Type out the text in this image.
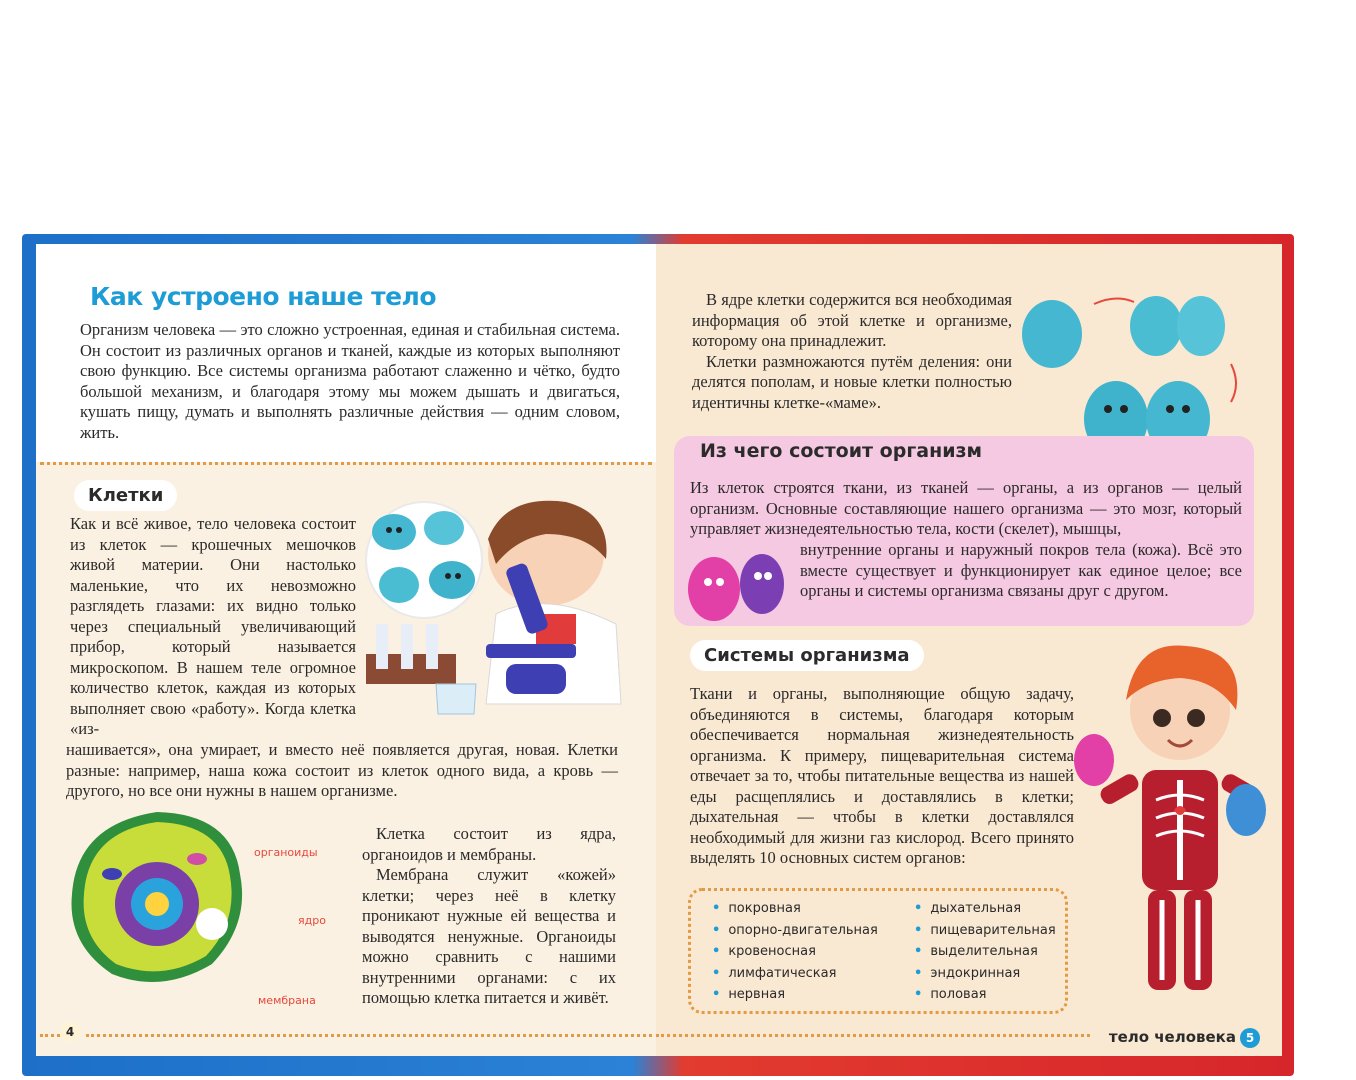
Как устроено наше тело
Организм человека — это сложно устроенная, единая и стабильная система. Он состоит из различных органов и тканей, каждые из которых выполняют свою функцию. Все системы организма работают слаженно и чётко, будто большой механизм, и благодаря этому мы можем дышать и двигаться, кушать пищу, думать и выполнять различные действия — одним словом, жить.
Клетки
Как и всё живое, тело человека состоит из клеток — крошечных мешочков живой материи. Они настолько маленькие, что их невозможно разглядеть глазами: их видно только через специальный увеличивающий прибор, который называется микроскопом. В нашем теле огромное количество клеток, каждая из которых выполняет свою «работу». Когда клетка «из-
нашивается», она умирает, и вместо неё появляется другая, новая. Клетки разные: например, наша кожа состоит из клеток одного вида, а кровь — другого, но все они нужны в нашем организме.
органоиды
ядро
мембрана

Клетка состоит из ядра, органоидов и мембраны.

Мембрана служит «кожей» клетки; через неё в клетку проникают нужные ей вещества и выводятся ненужные. Органоиды можно сравнить с нашими внутренними органами: с их помощью клетка питается и живёт.

4

В ядре клетки содержится вся необходимая информация об этой клетке и организме, которому она принадлежит.

Клетки размножаются путём деления: они делятся пополам, и новые клетки полностью идентичны клетке-«маме».

Из чего состоит организм
Из клеток строятся ткани, из тканей — органы, а из органов — целый организм. Основные составляющие нашего организма — это мозг, который управляет жизнедеятельностью тела, кости (скелет), мышцы,
внутренние органы и наружный покров тела (кожа). Всё это вместе существует и функционирует как единое целое; все органы и системы организма связаны друг с другом.
Системы организма
Ткани и органы, выполняющие общую задачу, объединяются в системы, благодаря которым обеспечивается нормальная жизнедеятельность организма. К примеру, пищеварительная система отвечает за то, чтобы питательные вещества из нашей еды расщеплялись и доставлялись в клетки; дыхательная — чтобы в клетки доставлялся необходимый для жизни газ кислород. Всего принято выделять 10 основных систем органов:
• покровная
• опорно-двигательная
• кровеносная
• лимфатическая
• нервная
• дыхательная
• пищеварительная
• выделительная
• эндокринная
• половая
тело человека 5
